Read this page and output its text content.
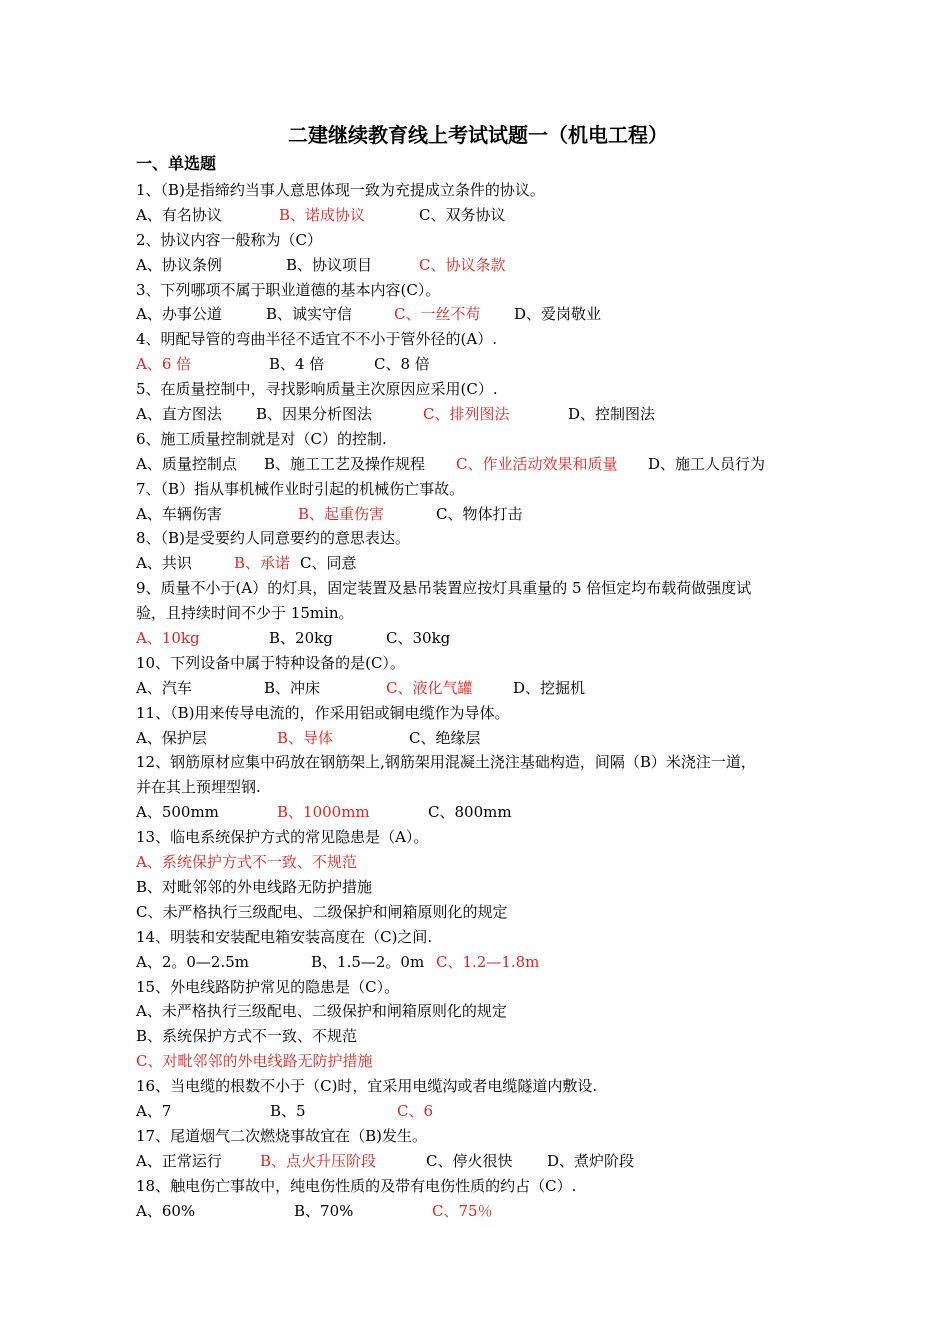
二建继续教育线上考试试题一（机电工程）
一、单选题
1、（B)是指缔约当事人意思体现一致为充提成立条件的协议。
A、有名协议	B、诺成协议	C、双务协议
2、协议内容一般称为（C）
A、协议条例	B、协议项目	C、协议条款
3、下列哪项不属于职业道德的基本内容(C）。
A、办事公道	B、诚实守信	C、一丝不苟 D、爱岗敬业
4、明配导管的弯曲半径不适宜不不小于管外径的(A）.
A、6 倍	B、4 倍	C、8 倍
5、在质量控制中，寻找影响质量主次原因应采用(C）.
A、直方图法 B、因果分析图法	C、排列图法	D、控制图法
6、施工质量控制就是对（C）的控制.
A、质量控制点 B、施工工艺及操作规程 C、作业活动效果和质量 D、施工人员行为
7、（B）指从事机械作业时引起的机械伤亡事故。
A、车辆伤害	B、起重伤害	C、物体打击
8、（B)是受要约人同意要约的意思表达。
A、共识	B、承诺 C、同意
9、质量不小于(A）的灯具，固定装置及悬吊装置应按灯具重量的 5 倍恒定均布载荷做强度试
验，且持续时间不少于 15min。
A、10kg	B、20kg	C、30kg
10、下列设备中属于特种设备的是(C）。
A、汽车	B、冲床	C、液化气罐	D、挖掘机
11、（B)用来传导电流的，作采用铝或铜电缆作为导体。
A、保护层	B、导体	C、绝缘层
12、钢筋原材应集中码放在钢筋架上,钢筋架用混凝土浇注基础构造，间隔（B）米浇注一道，
并在其上预埋型钢.
A、500mm	B、1000mm	C、800mm
13、临电系统保护方式的常见隐患是（A）。
A、系统保护方式不一致、不规范
B、对毗邻邻的外电线路无防护措施
C、未严格执行三级配电、二级保护和闸箱原则化的规定
14、明装和安装配电箱安装高度在（C)之间.
A、2。0—2.5m	B、1.5—2。0m C、1.2—1.8m
15、外电线路防护常见的隐患是（C）。
A、未严格执行三级配电、二级保护和闸箱原则化的规定
B、系统保护方式不一致、不规范
C、对毗邻邻的外电线路无防护措施
16、当电缆的根数不小于（C)时，宜采用电缆沟或者电缆隧道内敷设.
A、7	B、5	C、6
17、尾道烟气二次燃烧事故宜在（B)发生。
A、正常运行	B、点火升压阶段	C、停火很快 D、煮炉阶段
18、触电伤亡事故中，纯电伤性质的及带有电伤性质的约占（C）.
A、60%	B、70%	C、75％
